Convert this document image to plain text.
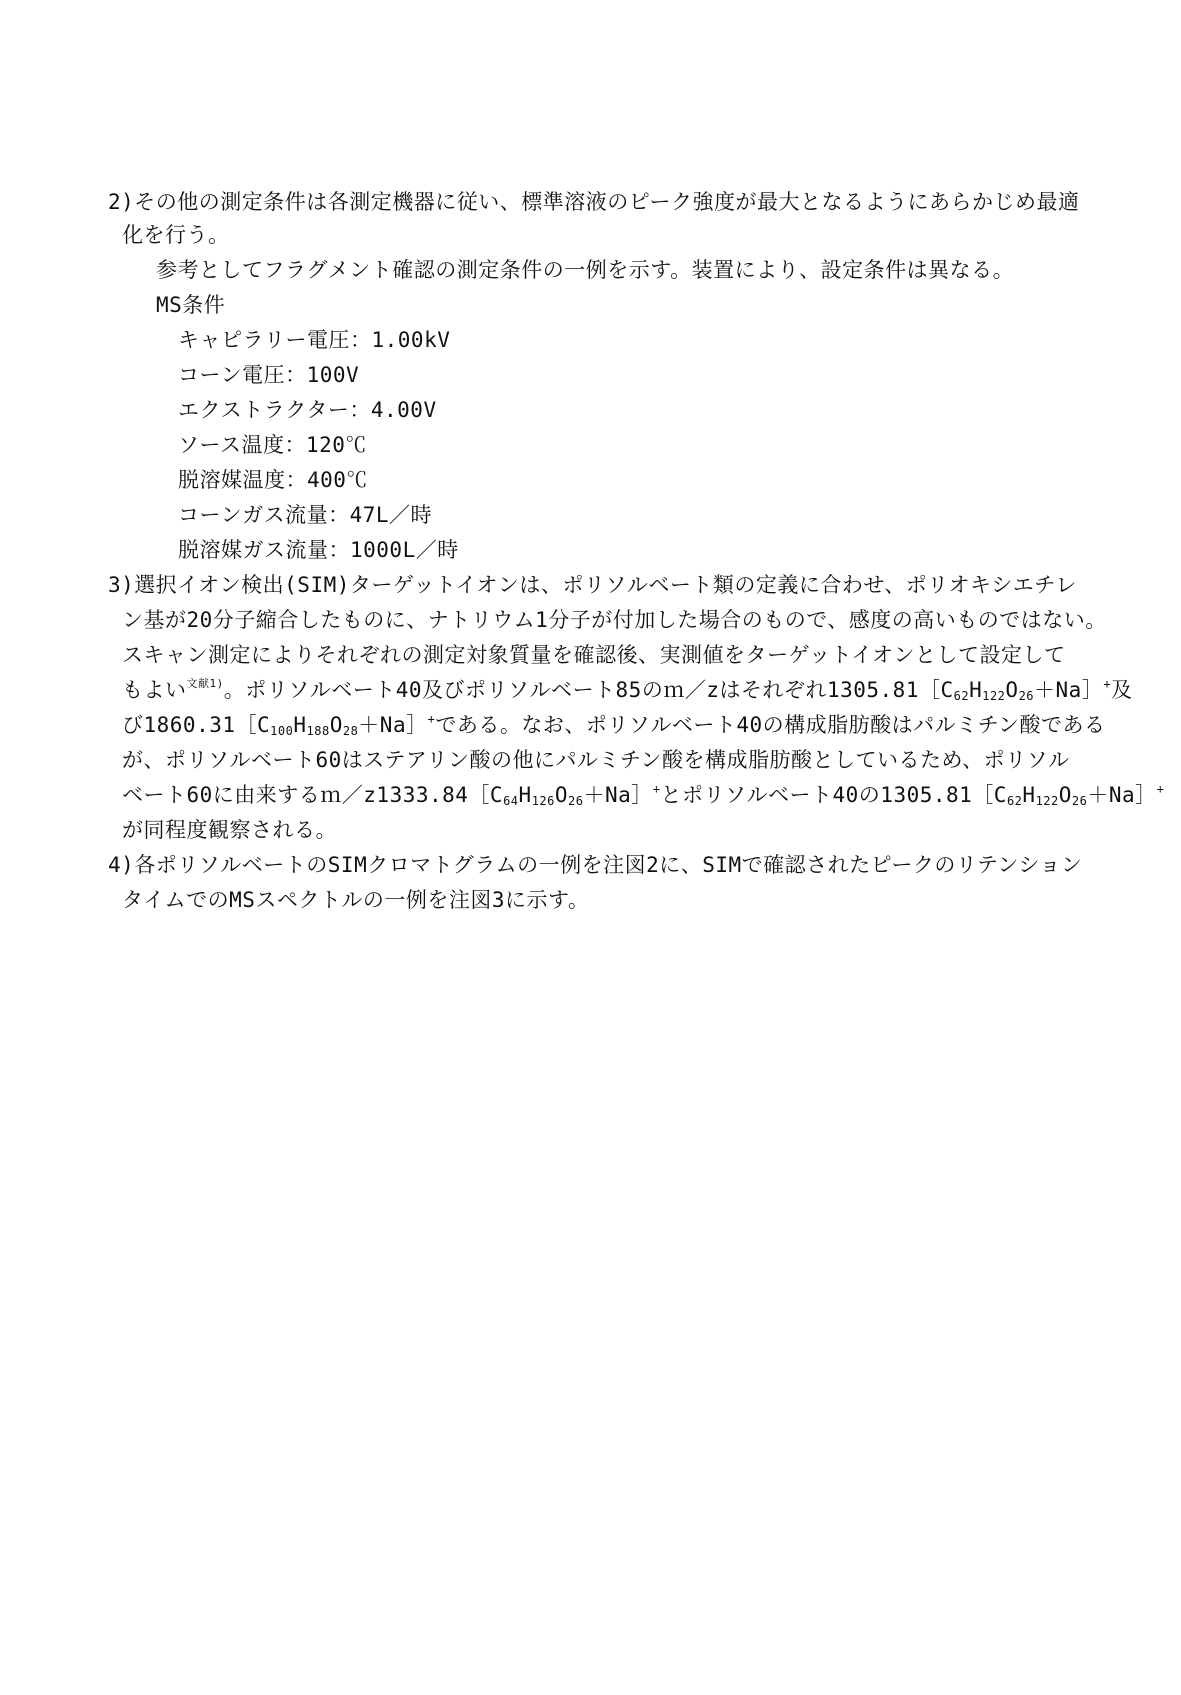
2)その他の測定条件は各測定機器に従い、標準溶液のピーク強度が最大となるようにあらかじめ最適
化を行う。
参考としてフラグメント確認の測定条件の一例を示す。装置により、設定条件は異なる。
MS条件
キャピラリー電圧：1.00kV
コーン電圧：100V
エクストラクター：4.00V
ソース温度：120℃
脱溶媒温度：400℃
コーンガス流量：47L／時
脱溶媒ガス流量：1000L／時
3)選択イオン検出(SIM)ターゲットイオンは、ポリソルベート類の定義に合わせ、ポリオキシエチレ
ン基が20分子縮合したものに、ナトリウム1分子が付加した場合のもので、感度の高いものではない。
スキャン測定によりそれぞれの測定対象質量を確認後、実測値をターゲットイオンとして設定して
もよい$^{文献1)}$。ポリソルベート40及びポリソルベート85のｍ／zはそれぞれ$1305.81[C_{62}H_{122}O_{26}+Na]^+$及
び$1860.31[C_{100}H_{188}O_{28}+Na]^+$である。なお、ポリソルベート40の構成脂肪酸はパルミチン酸である
が、ポリソルベート60はステアリン酸の他にパルミチン酸を構成脂肪酸としているため、ポリソル
ベート60に由来する$m/z1333.84[C_{64}H_{126}O_{26}+Na]^+$とポリソルベート40の$1305.81[C_{62}H_{122}O_{26}+Na]^+$
が同程度観察される。
4)各ポリソルベートのSIMクロマトグラムの一例を注図2に、SIMで確認されたピークのリテンション
タイムでのMSスペクトルの一例を注図3に示す。
